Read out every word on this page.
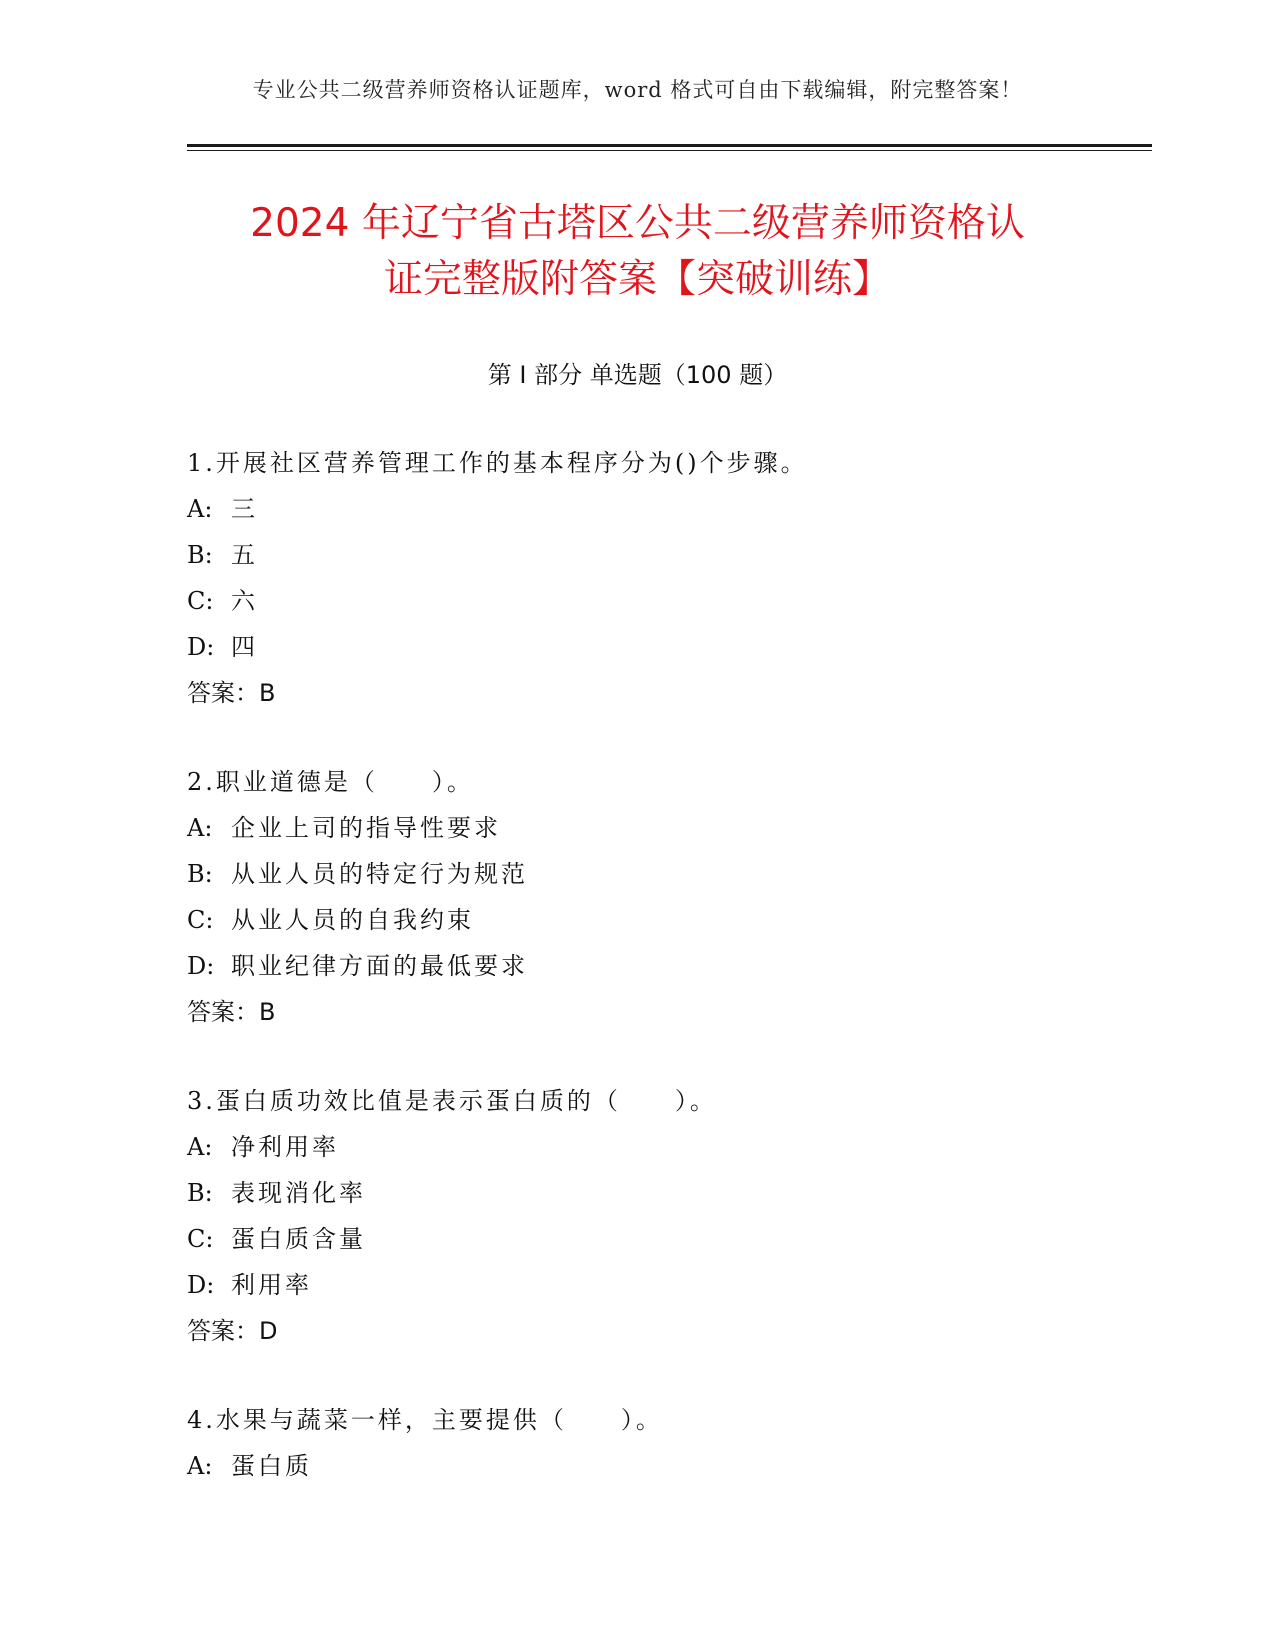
专业公共二级营养师资格认证题库，word 格式可自由下载编辑，附完整答案！
2024 年辽宁省古塔区公共二级营养师资格认
证完整版附答案【突破训练】
第 I 部分 单选题（100 题）
1.开展社区营养管理工作的基本程序分为()个步骤。
A: 三
B: 五
C: 六
D: 四
答案：B
2.职业道德是（　　）。
A: 企业上司的指导性要求
B: 从业人员的特定行为规范
C: 从业人员的自我约束
D: 职业纪律方面的最低要求
答案：B
3.蛋白质功效比值是表示蛋白质的（　　）。
A: 净利用率
B: 表现消化率
C: 蛋白质含量
D: 利用率
答案：D
4.水果与蔬菜一样，主要提供（　　）。
A: 蛋白质
